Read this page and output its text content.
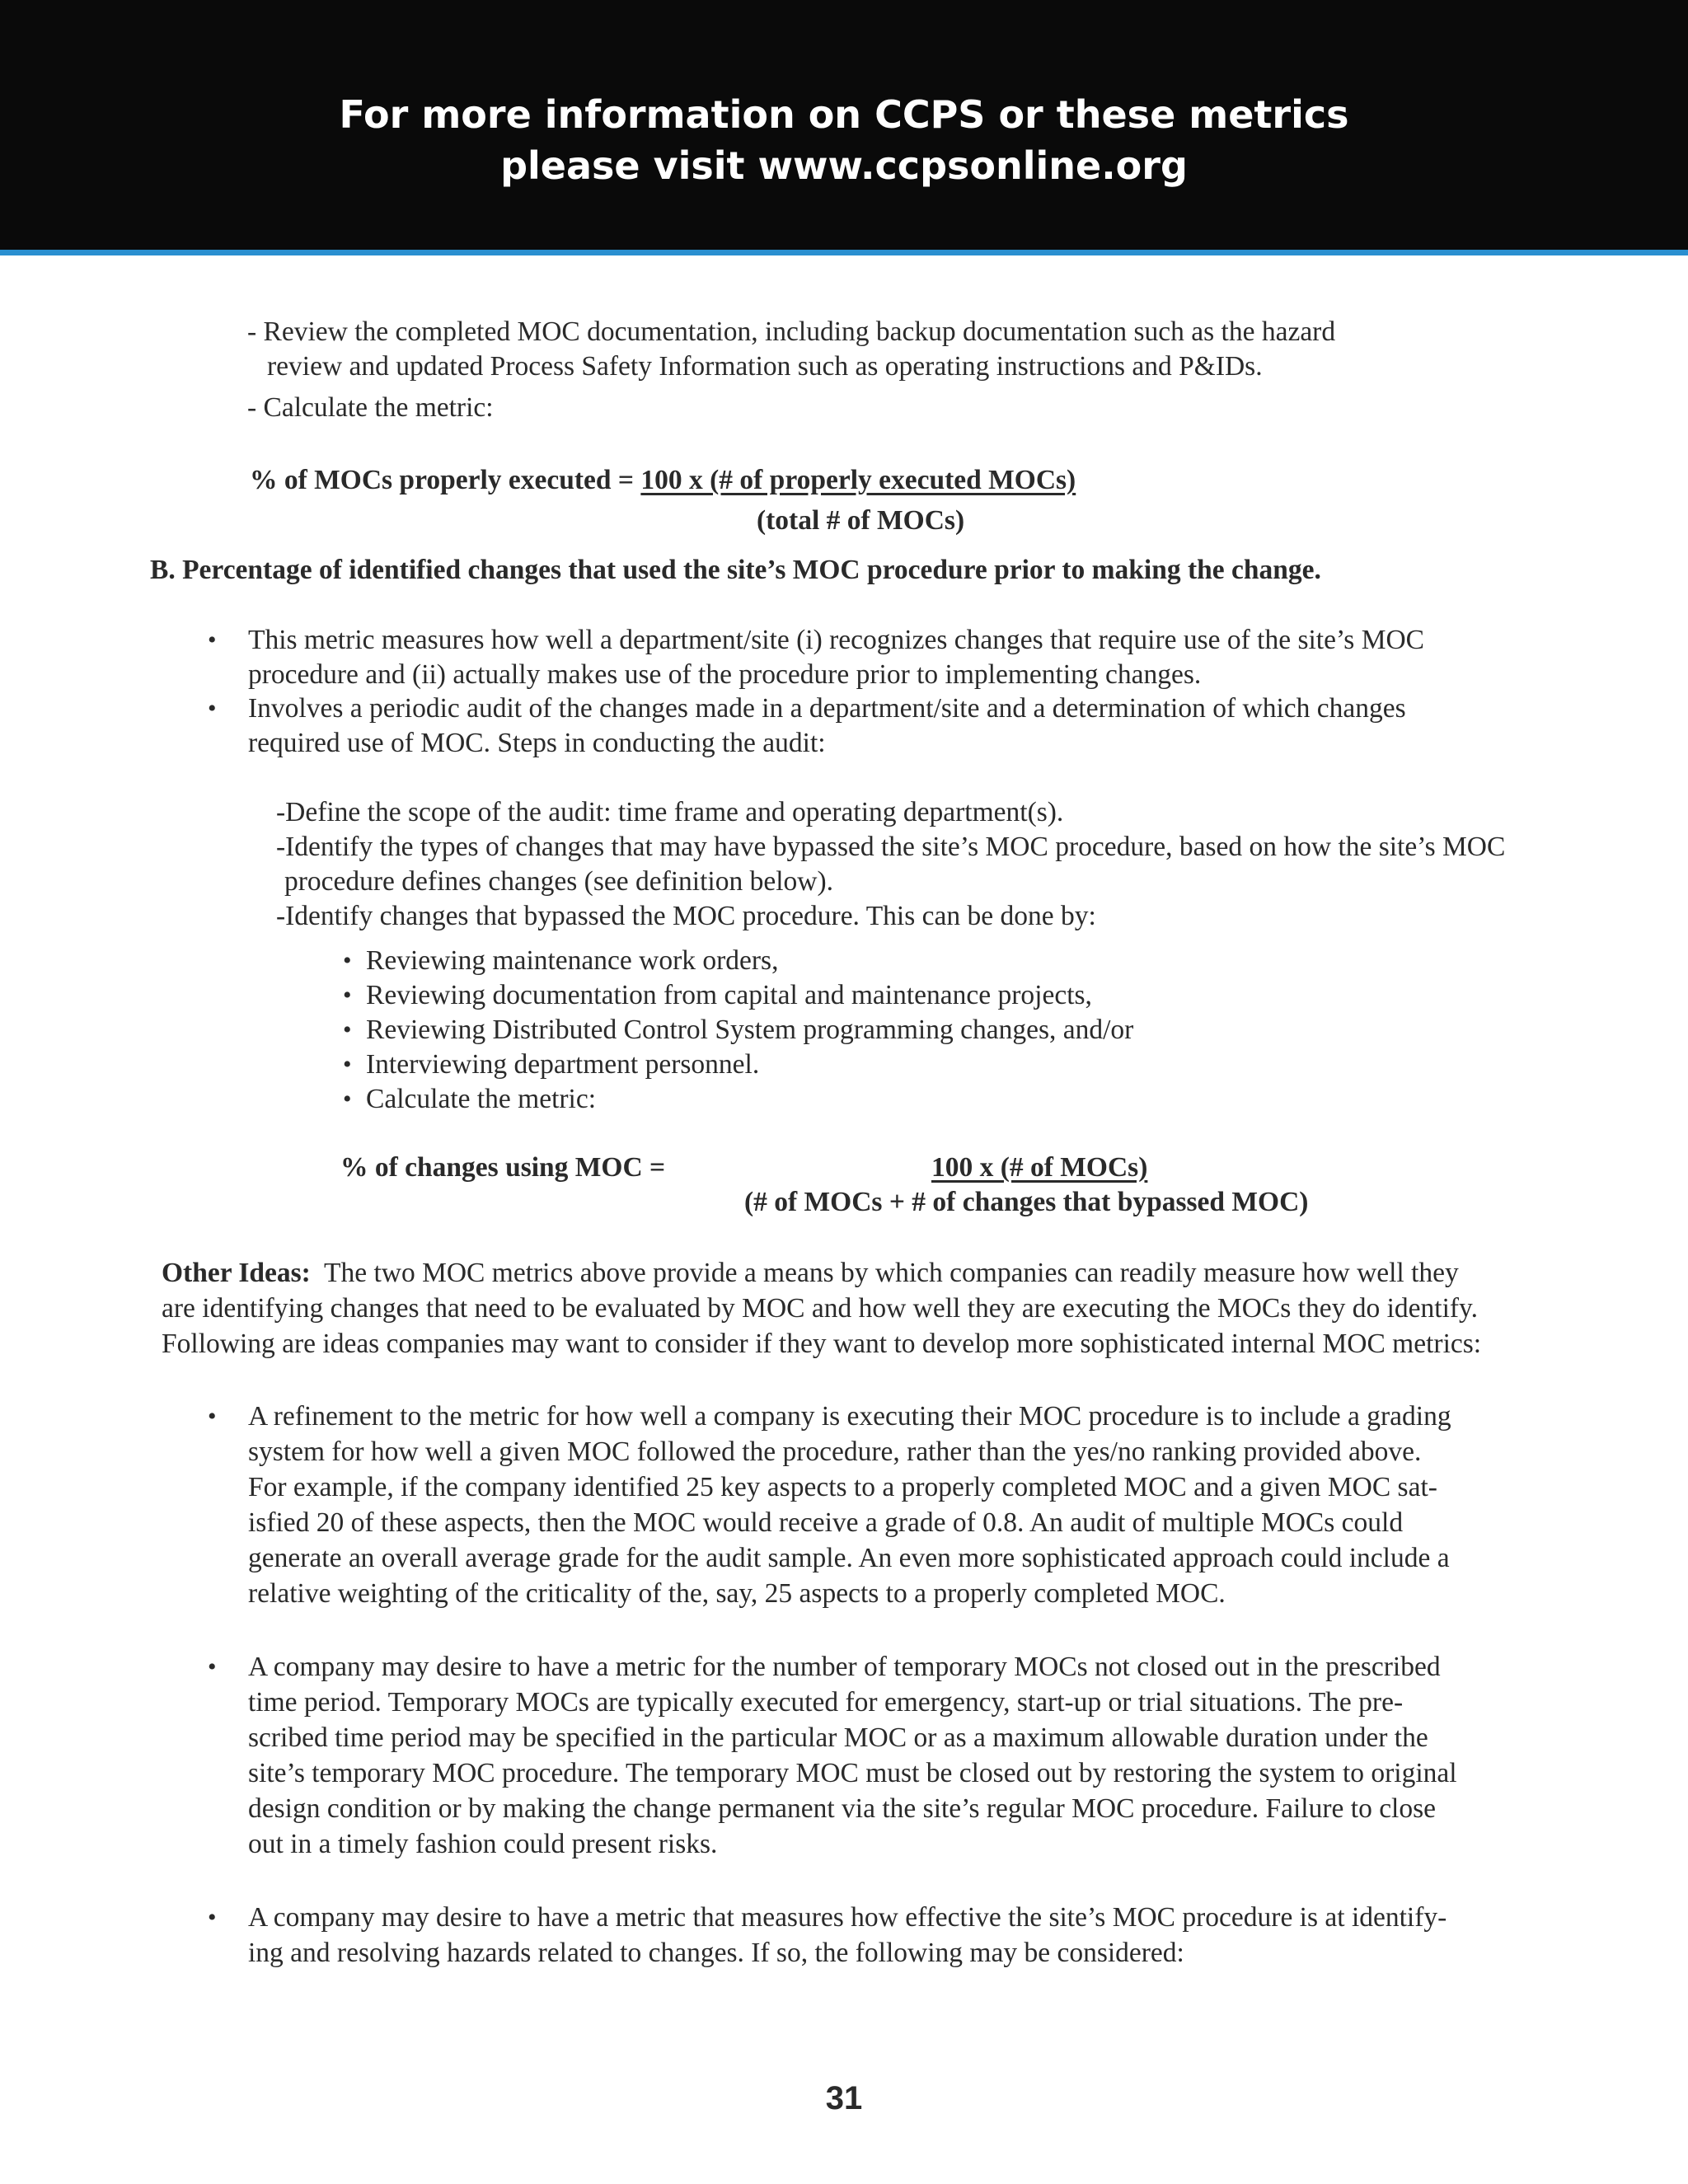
For more information on CCPS or these metrics
please visit www.ccpsonline.org
- Review the completed MOC documentation, including backup documentation such as the hazard
review and updated Process Safety Information such as operating instructions and P&IDs.
- Calculate the metric:
% of MOCs properly executed = 100 x (# of properly executed MOCs)
(total # of MOCs)
B. Percentage of identified changes that used the site’s MOC procedure prior to making the change.
• This metric measures how well a department/site (i) recognizes changes that require use of the site’s MOC
procedure and (ii) actually makes use of the procedure prior to implementing changes.
• Involves a periodic audit of the changes made in a department/site and a determination of which changes
required use of MOC. Steps in conducting the audit:
-Define the scope of the audit: time frame and operating department(s).
-Identify the types of changes that may have bypassed the site’s MOC procedure, based on how the site’s MOC
procedure defines changes (see definition below).
-Identify changes that bypassed the MOC procedure. This can be done by:
• Reviewing maintenance work orders,
• Reviewing documentation from capital and maintenance projects,
• Reviewing Distributed Control System programming changes, and/or
• Interviewing department personnel.
• Calculate the metric:
% of changes using MOC =	100 x (# of MOCs)
(# of MOCs + # of changes that bypassed MOC)
Other Ideas:  The two MOC metrics above provide a means by which companies can readily measure how well they
are identifying changes that need to be evaluated by MOC and how well they are executing the MOCs they do identify.
Following are ideas companies may want to consider if they want to develop more sophisticated internal MOC metrics:
• A refinement to the metric for how well a company is executing their MOC procedure is to include a grading
system for how well a given MOC followed the procedure, rather than the yes/no ranking provided above.
For example, if the company identified 25 key aspects to a properly completed MOC and a given MOC sat-
isfied 20 of these aspects, then the MOC would receive a grade of 0.8. An audit of multiple MOCs could
generate an overall average grade for the audit sample. An even more sophisticated approach could include a
relative weighting of the criticality of the, say, 25 aspects to a properly completed MOC.
• A company may desire to have a metric for the number of temporary MOCs not closed out in the prescribed
time period. Temporary MOCs are typically executed for emergency, start-up or trial situations. The pre-
scribed time period may be specified in the particular MOC or as a maximum allowable duration under the
site’s temporary MOC procedure. The temporary MOC must be closed out by restoring the system to original
design condition or by making the change permanent via the site’s regular MOC procedure. Failure to close
out in a timely fashion could present risks.
• A company may desire to have a metric that measures how effective the site’s MOC procedure is at identify-
ing and resolving hazards related to changes. If so, the following may be considered:
31
